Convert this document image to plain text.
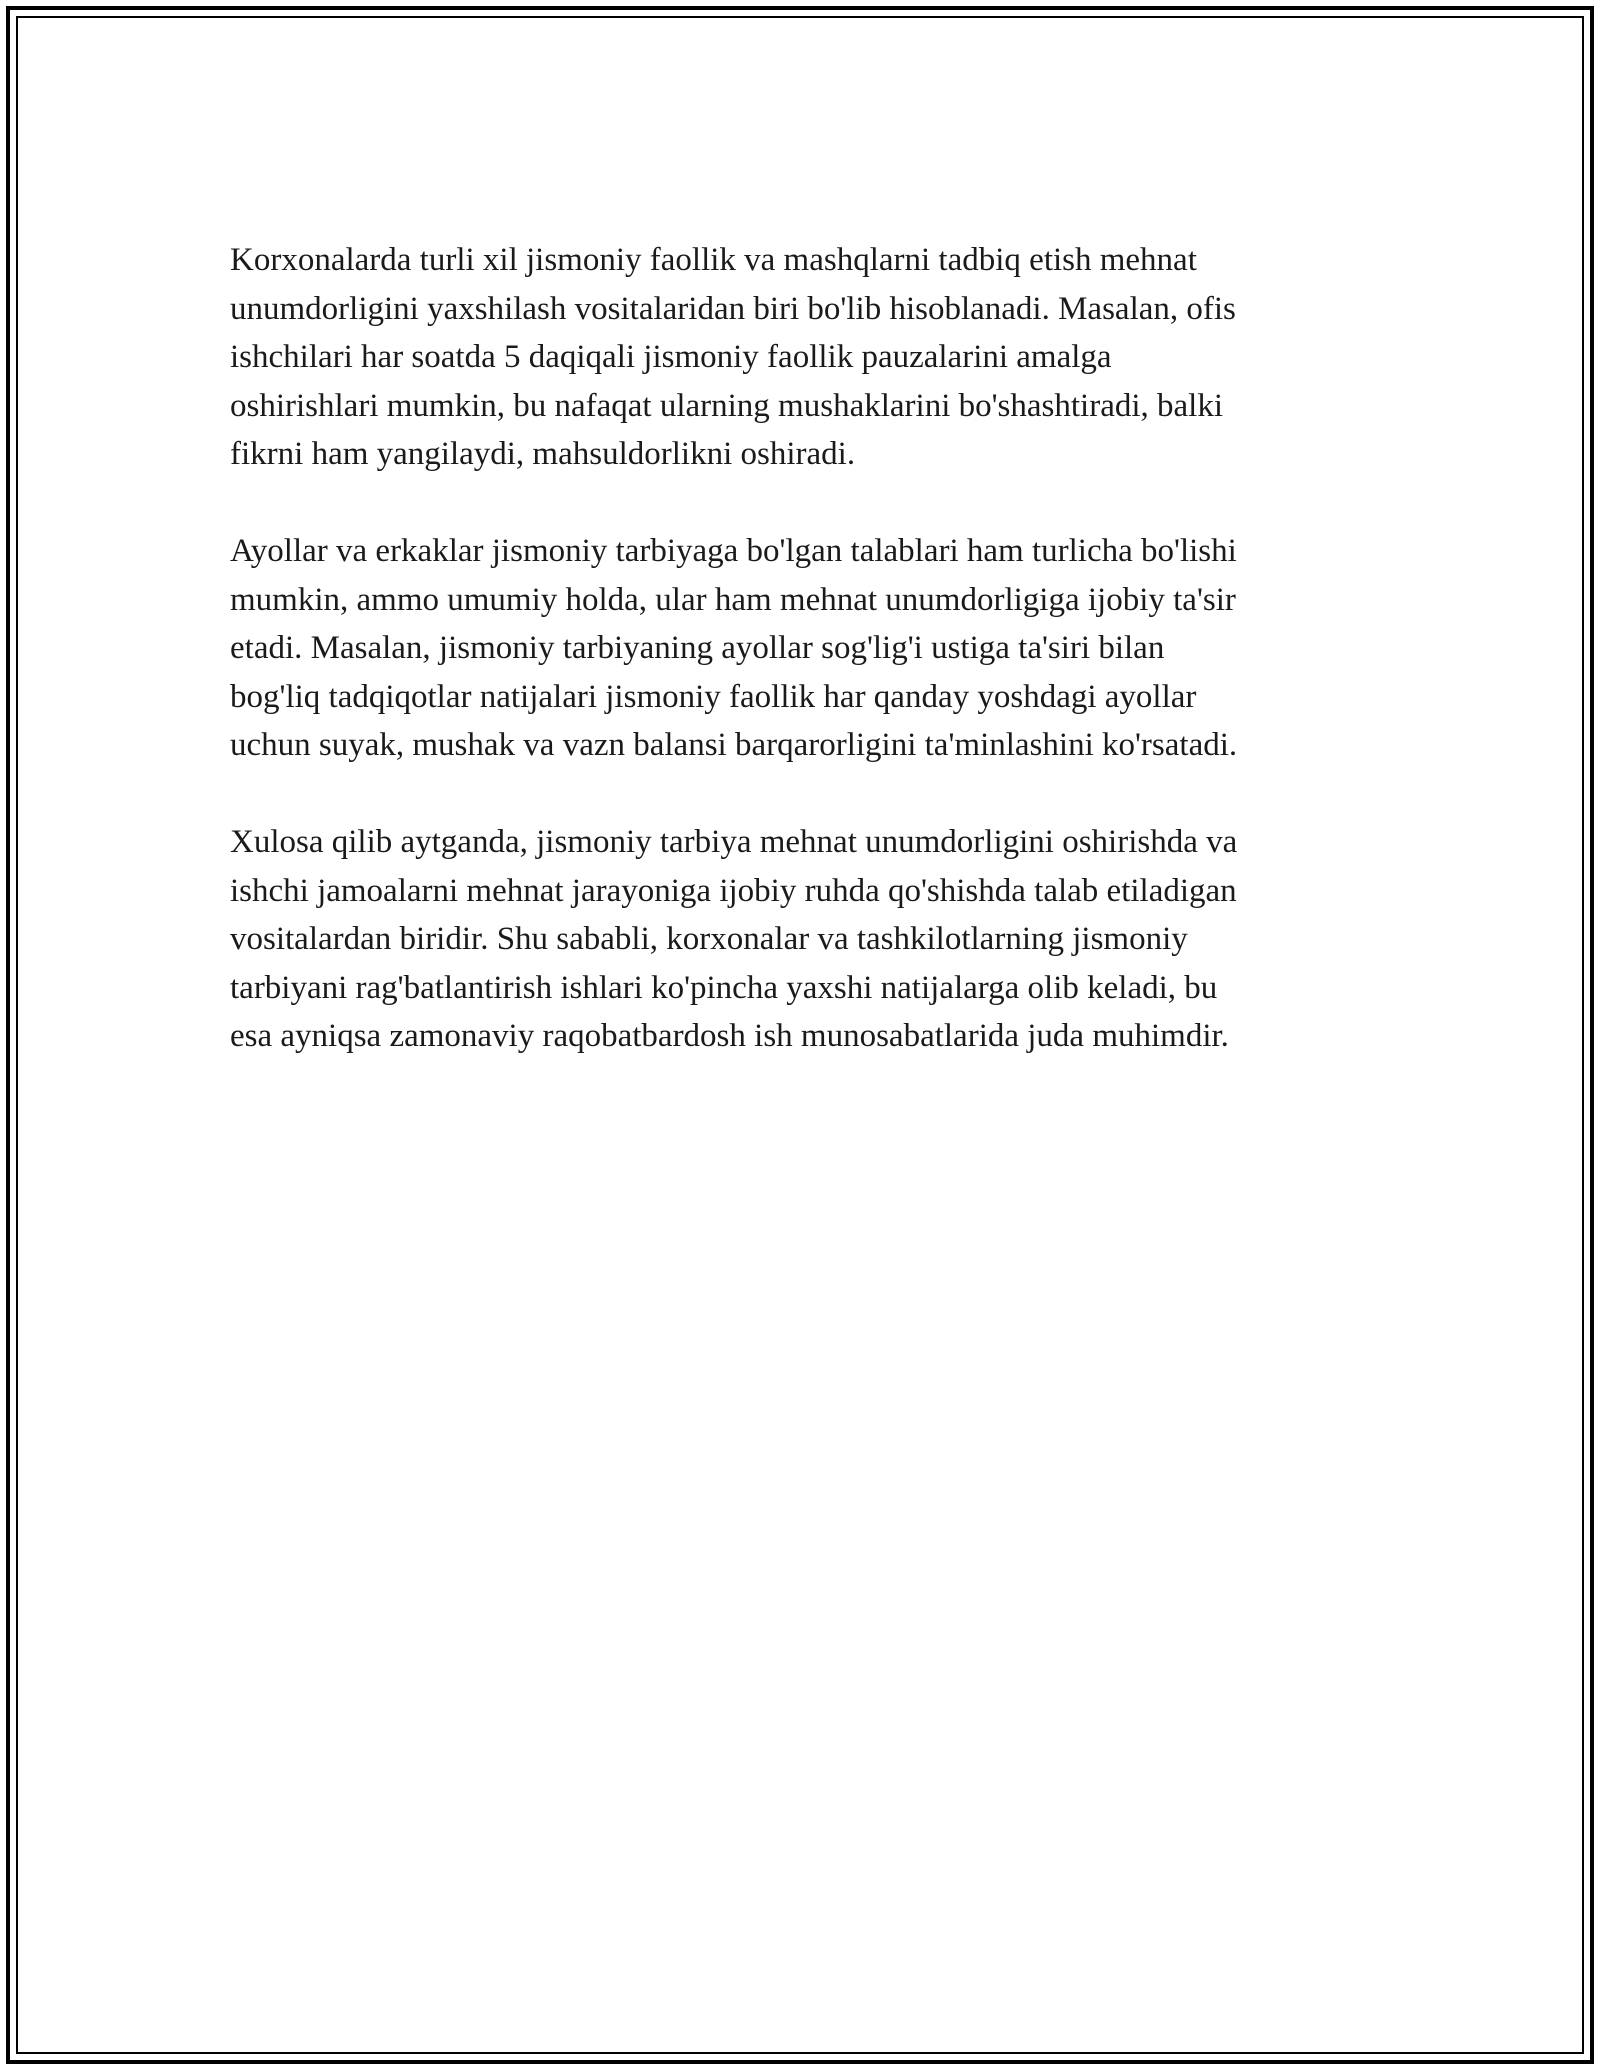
Korxonalarda turli xil jismoniy faollik va mashqlarni tadbiq etish mehnat
unumdorligini yaxshilash vositalaridan biri bo'lib hisoblanadi. Masalan, ofis
ishchilari har soatda 5 daqiqali jismoniy faollik pauzalarini amalga
oshirishlari mumkin, bu nafaqat ularning mushaklarini bo'shashtiradi, balki
fikrni ham yangilaydi, mahsuldorlikni oshiradi.

Ayollar va erkaklar jismoniy tarbiyaga bo'lgan talablari ham turlicha bo'lishi
mumkin, ammo umumiy holda, ular ham mehnat unumdorligiga ijobiy ta'sir
etadi. Masalan, jismoniy tarbiyaning ayollar sog'lig'i ustiga ta'siri bilan
bog'liq tadqiqotlar natijalari jismoniy faollik har qanday yoshdagi ayollar
uchun suyak, mushak va vazn balansi barqarorligini ta'minlashini ko'rsatadi.

Xulosa qilib aytganda, jismoniy tarbiya mehnat unumdorligini oshirishda va
ishchi jamoalarni mehnat jarayoniga ijobiy ruhda qo'shishda talab etiladigan
vositalardan biridir. Shu sababli, korxonalar va tashkilotlarning jismoniy
tarbiyani rag'batlantirish ishlari ko'pincha yaxshi natijalarga olib keladi, bu
esa ayniqsa zamonaviy raqobatbardosh ish munosabatlarida juda muhimdir.
